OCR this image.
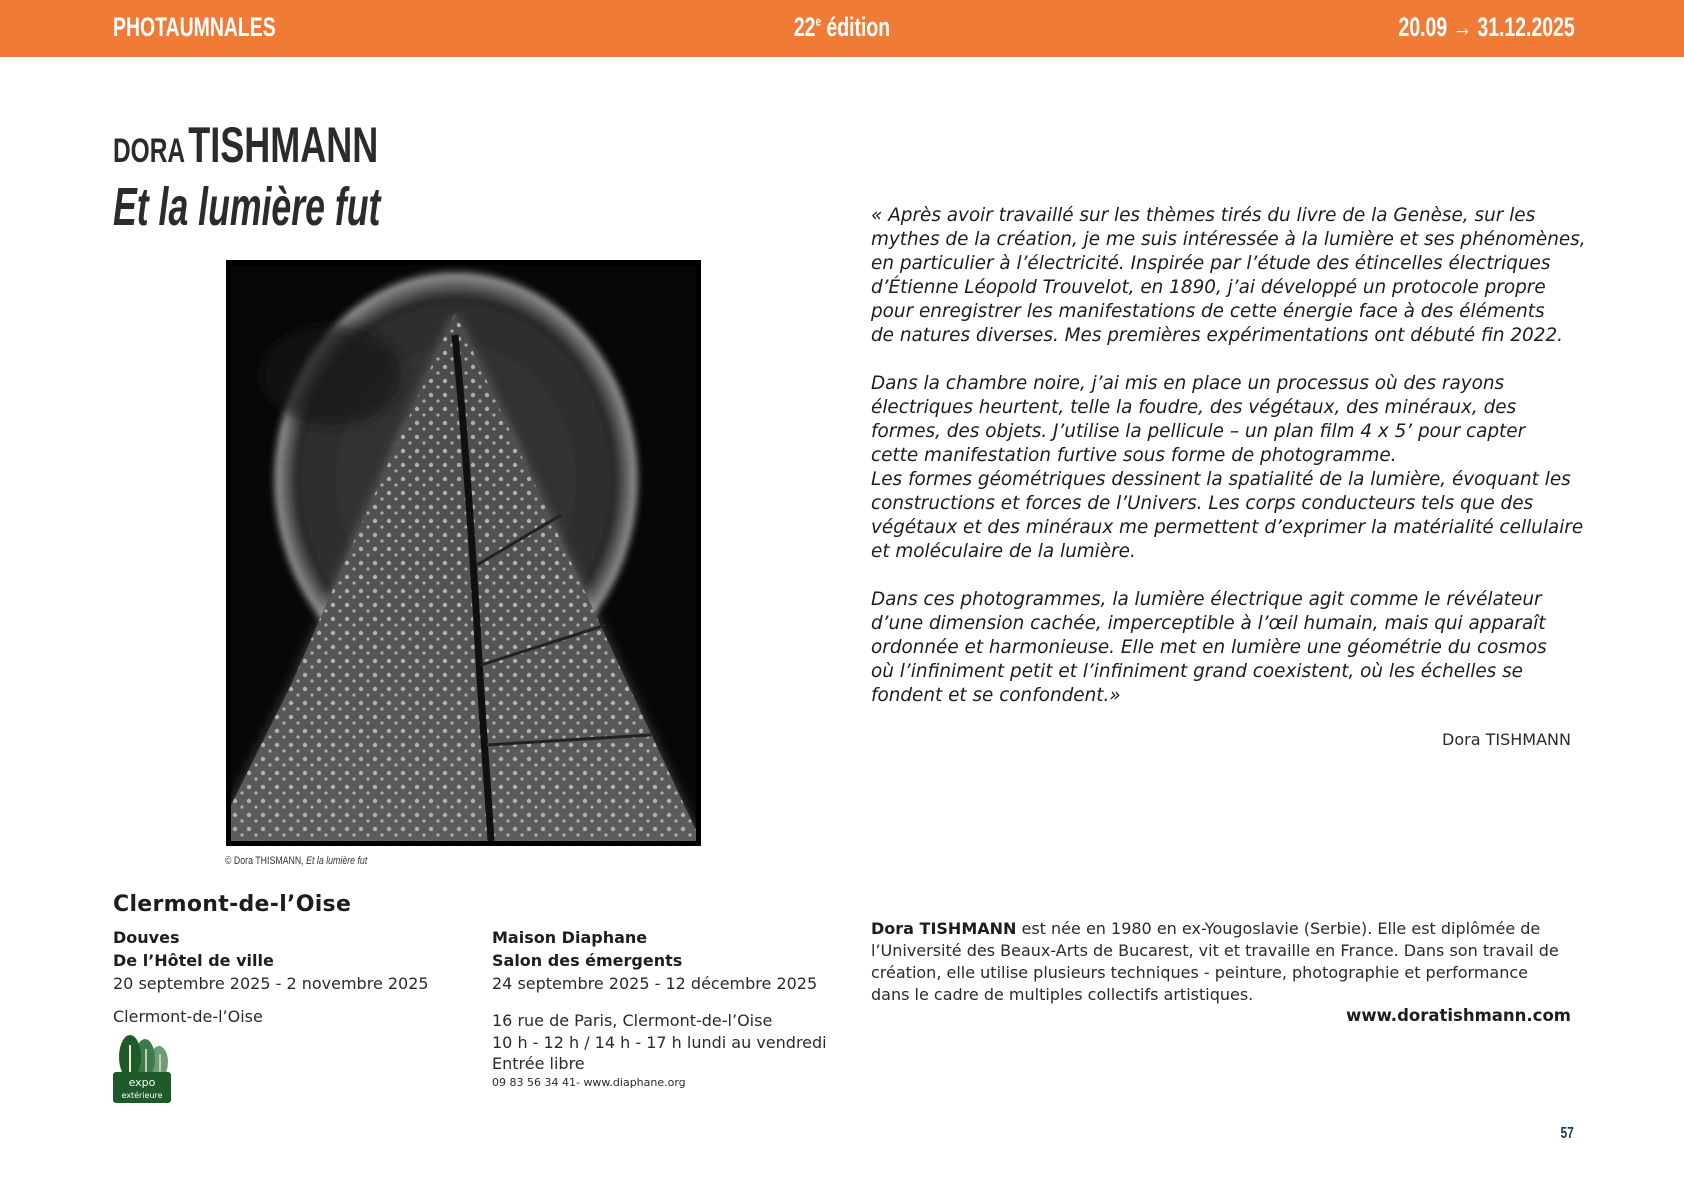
PHOTAUMNALES	22e édition	20.09 → 31.12.2025
DORA TISHMANN
Et la lumière fut
© Dora THISMANN, Et la lumière fut
Clermont-de-l’Oise
Douves
De l’Hôtel de ville
20 septembre 2025 - 2 novembre 2025
Clermont-de-l’Oise
Maison Diaphane
Salon des émergents
24 septembre 2025 - 12 décembre 2025
16 rue de Paris, Clermont-de-l’Oise
10 h - 12 h / 14 h - 17 h lundi au vendredi
Entrée libre
09 83 56 34 41- www.diaphane.org
expo
extérieure

« Après avoir travaillé sur les thèmes tirés du livre de la Genèse, sur les
mythes de la création, je me suis intéressée à la lumière et ses phénomènes,
en particulier à l’électricité. Inspirée par l’étude des étincelles électriques
d’Étienne Léopold Trouvelot, en 1890, j’ai développé un protocole propre
pour enregistrer les manifestations de cette énergie face à des éléments
de natures diverses. Mes premières expérimentations ont débuté fin 2022.

Dans la chambre noire, j’ai mis en place un processus où des rayons
électriques heurtent, telle la foudre, des végétaux, des minéraux, des
formes, des objets. J’utilise la pellicule – un plan film 4 x 5’ pour capter
cette manifestation furtive sous forme de photogramme.
Les formes géométriques dessinent la spatialité de la lumière, évoquant les
constructions et forces de l’Univers. Les corps conducteurs tels que des
végétaux et des minéraux me permettent d’exprimer la matérialité cellulaire
et moléculaire de la lumière.

Dans ces photogrammes, la lumière électrique agit comme le révélateur
d’une dimension cachée, imperceptible à l’œil humain, mais qui apparaît
ordonnée et harmonieuse. Elle met en lumière une géométrie du cosmos
où l’infiniment petit et l’infiniment grand coexistent, où les échelles se
fondent et se confondent.»

Dora TISHMANN
Dora TISHMANN est née en 1980 en ex-Yougoslavie (Serbie). Elle est diplômée de
l’Université des Beaux-Arts de Bucarest, vit et travaille en France. Dans son travail de
création, elle utilise plusieurs techniques - peinture, photographie et performance
dans le cadre de multiples collectifs artistiques.
www.doratishmann.com
57
